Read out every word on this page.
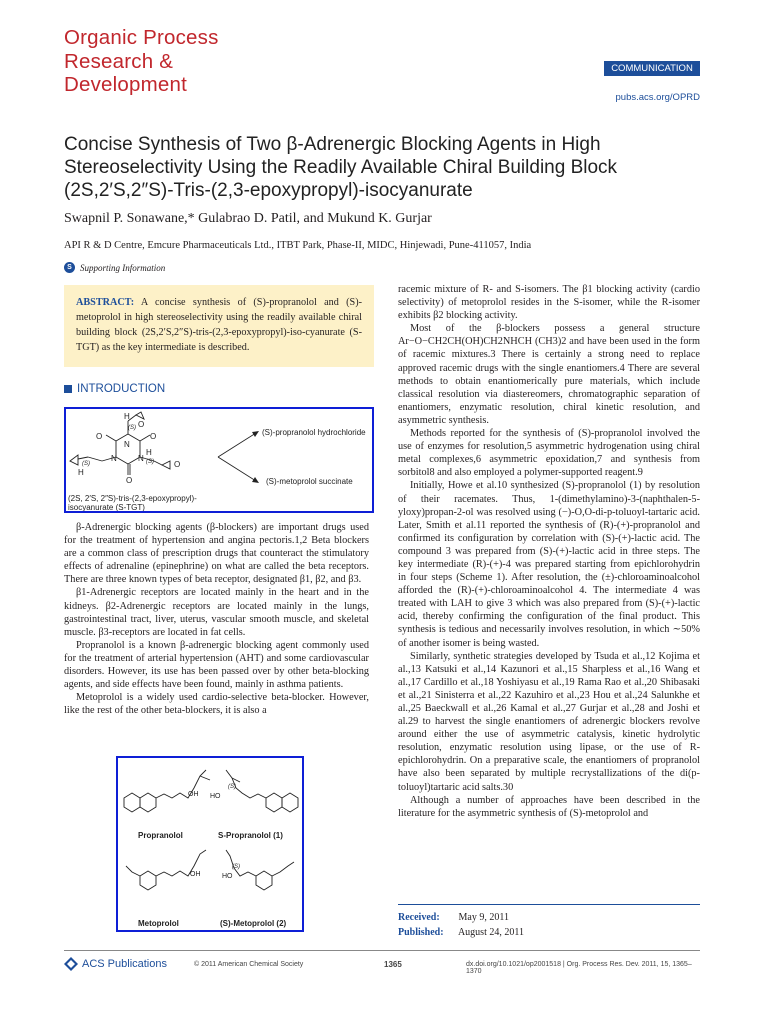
Organic Process
Research &
Development
COMMUNICATION
pubs.acs.org/OPRD
Concise Synthesis of Two β-Adrenergic Blocking Agents in High Stereoselectivity Using the Readily Available Chiral Building Block (2S,2′S,2″S)-Tris-(2,3-epoxypropyl)-isocyanurate
Swapnil P. Sonawane,* Gulabrao D. Patil, and Mukund K. Gurjar
API R & D Centre, Emcure Pharmaceuticals Ltd., ITBT Park, Phase-II, MIDC, Hinjewadi, Pune-411057, India
S Supporting Information
ABSTRACT: A concise synthesis of (S)-propranolol and (S)-metoprolol in high stereoselectivity using the readily available chiral building block (2S,2′S,2″S)-tris-(2,3-epoxypropyl)-iso-cyanurate (S-TGT) as the key intermediate is described.
INTRODUCTION
H
(S) O
O	O
N
N	N
O
(S)
H
H
(S)	O
(S)-propranolol hydrochloride
(S)-metoprolol succinate
(2S, 2′S, 2″S)-tris-(2,3-epoxypropyl)-
isocyanurate (S-TGT)

β-Adrenergic blocking agents (β-blockers) are important drugs used for the treatment of hypertension and angina pectoris.1,2 Beta blockers are a common class of prescription drugs that counteract the stimulatory effects of adrenaline (epinephrine) on what are called the beta receptors. There are three known types of beta receptor, designated β1, β2, and β3.

β1-Adrenergic receptors are located mainly in the heart and in the kidneys. β2-Adrenergic receptors are located mainly in the lungs, gastrointestinal tract, liver, uterus, vascular smooth muscle, and skeletal muscle. β3-receptors are located in fat cells.

Propranolol is a known β-adrenergic blocking agent commonly used for the treatment of arterial hypertension (AHT) and some cardiovascular disorders. However, its use has been passed over by other beta-blocking agents, and side effects have been found, mainly in asthma patients.

Metoprolol is a widely used cardio-selective beta-blocker. However, like the rest of the other beta-blockers, it is also a

OH HO
(S)
OH	HO
(S)
Propranolol	S-Propranolol (1)
Metoprolol	(S)-Metoprolol (2)

racemic mixture of R- and S-isomers. The β1 blocking activity (cardio selectivity) of metoprolol resides in the S-isomer, while the R-isomer exhibits β2 blocking activity.

Most of the β-blockers possess a general structure Ar−O−CH2CH(OH)CH2NHCH (CH3)2 and have been used in the form of racemic mixtures.3 There is certainly a strong need to replace approved racemic drugs with the single enantiomers.4 There are several methods to obtain enantiomerically pure materials, which include classical resolution via diastereomers, chromatographic separation of enantiomers, enzymatic resolution, chiral kinetic resolution, and asymmetric synthesis.

Methods reported for the synthesis of (S)-propranolol involved the use of enzymes for resolution,5 asymmetric hydrogenation using chiral metal complexes,6 asymmetric epoxidation,7 and synthesis from sorbitol8 and also employed a polymer-supported reagent.9

Initially, Howe et al.10 synthesized (S)-propranolol (1) by resolution of their racemates. Thus, 1-(dimethylamino)-3-(naphthalen-5-yloxy)propan-2-ol was resolved using (−)-O,O-di-p-toluoyl-tartaric acid. Later, Smith et al.11 reported the synthesis of (R)-(+)-propranolol and confirmed its configuration by correlation with (S)-(+)-lactic acid. The compound 3 was prepared from (S)-(+)-lactic acid in three steps. The key intermediate (R)-(+)-4 was prepared starting from epichlorohydrin in four steps (Scheme 1). After resolution, the (±)-chloroaminoalcohol afforded the (R)-(+)-chloroaminoalcohol 4. The intermediate 4 was treated with LAH to give 3 which was also prepared from (S)-(+)-lactic acid, thereby confirming the configuration of the final product. This synthesis is tedious and necessarily involves resolution, in which ∼50% of another isomer is being wasted.

Similarly, synthetic strategies developed by Tsuda et al.,12 Kojima et al.,13 Katsuki et al.,14 Kazunori et al.,15 Sharpless et al.,16 Wang et al.,17 Cardillo et al.,18 Yoshiyasu et al.,19 Rama Rao et al.,20 Shibasaki et al.,21 Sinisterra et al.,22 Kazuhiro et al.,23 Hou et al.,24 Salunkhe et al.,25 Baeckwall et al.,26 Kamal et al.,27 Gurjar et al.,28 and Joshi et al.29 to harvest the single enantiomers of adrenergic blockers revolve around either the use of asymmetric catalysis, kinetic hydrolytic resolution, enzymatic resolution using lipase, or the use of R-epichlorohydrin. On a preparative scale, the enantiomers of propranolol have also been separated by multiple recrystallizations of the di(p-toluoyl)tartaric acid salts.30

Although a number of approaches have been described in the literature for the asymmetric synthesis of (S)-metoprolol and

Received: May 9, 2011
Published: August 24, 2011
ACS Publications	© 2011 American Chemical Society	1365	dx.doi.org/10.1021/op2001518 | Org. Process Res. Dev. 2011, 15, 1365–1370
